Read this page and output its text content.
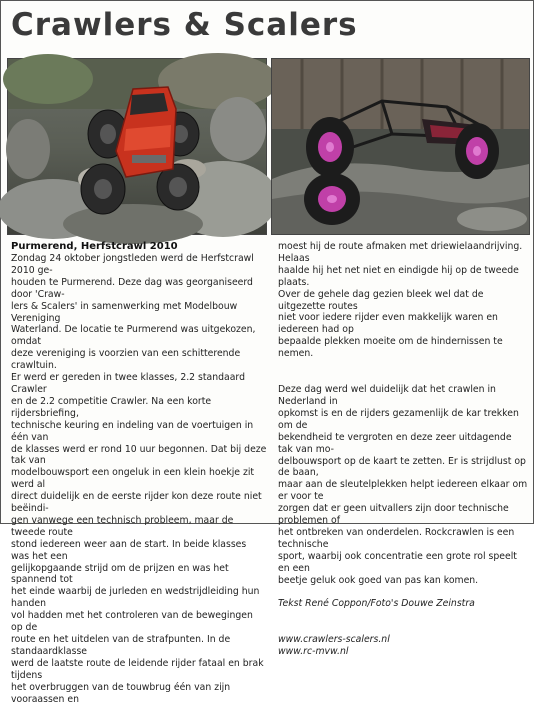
Crawlers & Scalers

Purmerend, Herfstcrawl 2010

Zondag 24 oktober jongstleden werd de Herfstcrawl 2010 ge-

houden te Purmerend. Deze dag was georganiseerd door 'Craw-

lers & Scalers' in samenwerking met Modelbouw Vereniging

Waterland. De locatie te Purmerend was uitgekozen, omdat

deze vereniging is voorzien van een schitterende crawltuin.

Er werd er gereden in twee klasses, 2.2 standaard Crawler

en de 2.2 competitie Crawler. Na een korte rijdersbriefing,

technische keuring en indeling van de voertuigen in één van

de klasses werd er rond 10 uur begonnen. Dat bij deze tak van

modelbouwsport een ongeluk in een klein hoekje zit werd al

direct duidelijk en de eerste rijder kon deze route niet beëindi-

gen vanwege een technisch probleem, maar de tweede route

stond iedereen weer aan de start. In beide klasses was het een

gelijkopgaande strijd om de prijzen en was het spannend tot

het einde waarbij de jurleden en wedstrijdleiding hun handen

vol hadden met het controleren van de bewegingen op de

route en het uitdelen van de strafpunten. In de standaardklasse

werd de laatste route de leidende rijder fataal en brak tijdens

het overbruggen van de touwbrug één van zijn vooraassen en

moest hij de route afmaken met driewielaandrijving. Helaas

haalde hij het net niet en eindigde hij op de tweede plaats.

Over de gehele dag gezien bleek wel dat de uitgezette routes

niet voor iedere rijder even makkelijk waren en iedereen had op

bepaalde plekken moeite om de hindernissen te nemen.

Deze dag werd wel duidelijk dat het crawlen in Nederland in

opkomst is en de rijders gezamenlijk de kar trekken om de

bekendheid te vergroten en deze zeer uitdagende tak van mo-

delbouwsport op de kaart te zetten. Er is strijdlust op de baan,

maar aan de sleutelplekken helpt iedereen elkaar om er voor te

zorgen dat er geen uitvallers zijn door technische problemen of

het ontbreken van onderdelen. Rockcrawlen is een technische

sport, waarbij ook concentratie een grote rol speelt en een

beetje geluk ook goed van pas kan komen.

Tekst René Coppon/Foto's Douwe Zeinstra

www.crawlers-scalers.nl

www.rc-mvw.nl
